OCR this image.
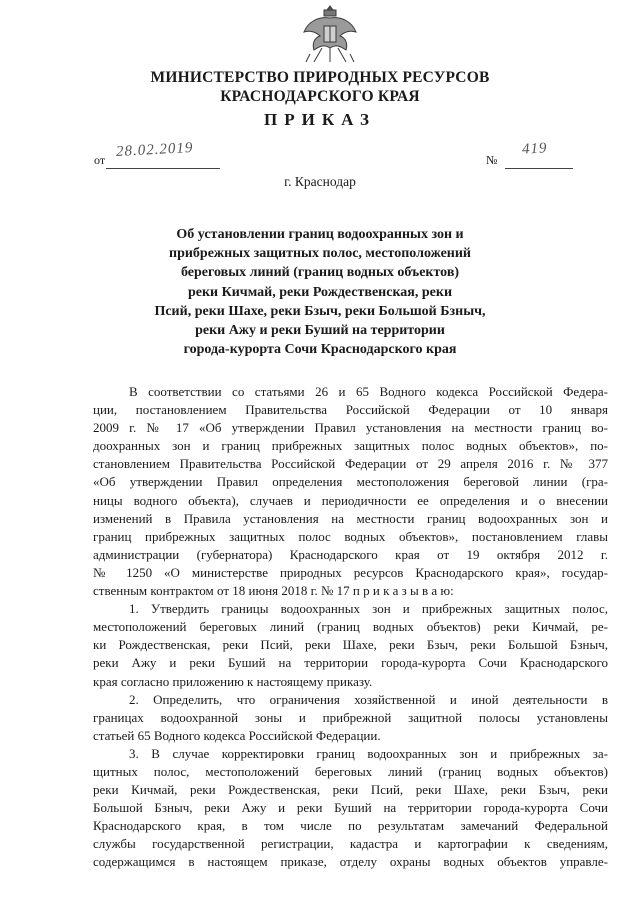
МИНИСТЕРСТВО ПРИРОДНЫХ РЕСУРСОВ
КРАСНОДАРСКОГО КРАЯ
ПРИКАЗ
от 28.02.2019	№
419
г. Краснодар
Об установлении границ водоохранных зон и
прибрежных защитных полос, местоположений
береговых линий (границ водных объектов)
реки Кичмай, реки Рождественская, реки
Псий, реки Шахе, реки Бзыч, реки Большой Бзныч,
реки Ажу и реки Буший на территории
города-курорта Сочи Краснодарского края
В соответствии со статьями 26 и 65 Водного кодекса Российской Федера-
ции, постановлением Правительства Российской Федерации от 10 января
2009 г. № 17 «Об утверждении Правил установления на местности границ во-
доохранных зон и границ прибрежных защитных полос водных объектов», по-
становлением Правительства Российской Федерации от 29 апреля 2016 г. № 377
«Об утверждении Правил определения местоположения береговой линии (гра-
ницы водного объекта), случаев и периодичности ее определения и о внесении
изменений в Правила установления на местности границ водоохранных зон и
границ прибрежных защитных полос водных объектов», постановлением главы
администрации (губернатора) Краснодарского края от 19 октября 2012 г.
№ 1250 «О министерстве природных ресурсов Краснодарского края», государ-
ственным контрактом от 18 июня 2018 г. № 17 п р и к а з ы в а ю:
1. Утвердить границы водоохранных зон и прибрежных защитных полос,
местоположений береговых линий (границ водных объектов) реки Кичмай, ре-
ки Рождественская, реки Псий, реки Шахе, реки Бзыч, реки Большой Бзныч,
реки Ажу и реки Буший на территории города-курорта Сочи Краснодарского
края согласно приложению к настоящему приказу.
2. Определить, что ограничения хозяйственной и иной деятельности в
границах водоохранной зоны и прибрежной защитной полосы установлены
статьей 65 Водного кодекса Российской Федерации.
3. В случае корректировки границ водоохранных зон и прибрежных за-
щитных полос, местоположений береговых линий (границ водных объектов)
реки Кичмай, реки Рождественская, реки Псий, реки Шахе, реки Бзыч, реки
Большой Бзныч, реки Ажу и реки Буший на территории города-курорта Сочи
Краснодарского края, в том числе по результатам замечаний Федеральной
службы государственной регистрации, кадастра и картографии к сведениям,
содержащимся в настоящем приказе, отделу охраны водных объектов управле-
